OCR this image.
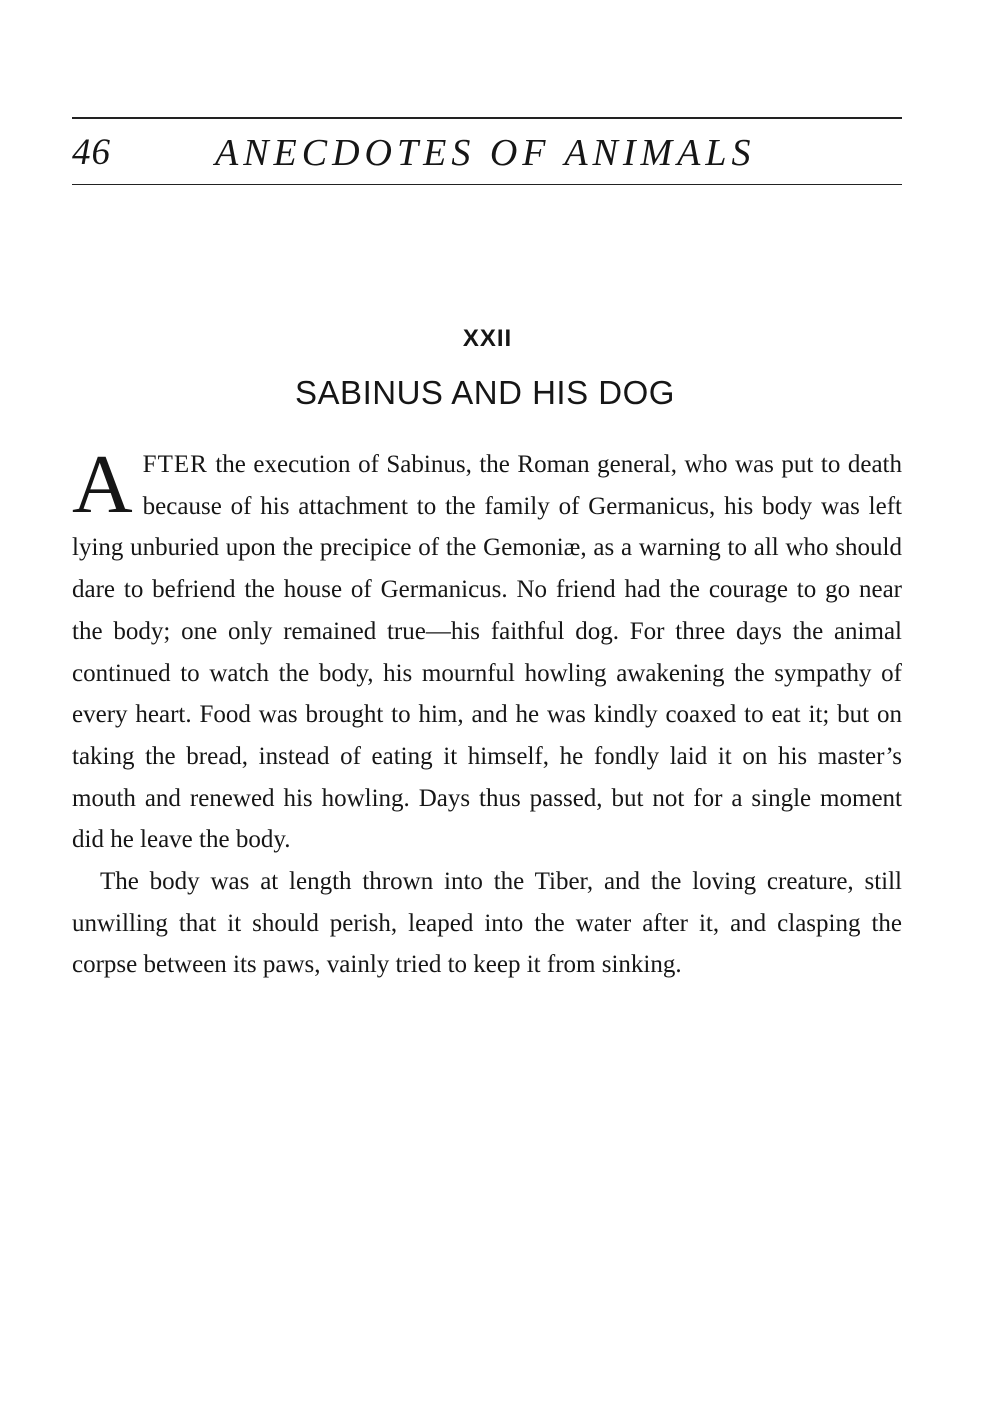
46	ANECDOTES OF ANIMALS
XXII
SABINUS AND HIS DOG

AFTER the execution of Sabinus, the Roman general, who was put to death because of his attachment to the family of Germanicus, his body was left lying unburied upon the precipice of the Gemoniæ, as a warning to all who should dare to befriend the house of Germanicus. No friend had the courage to go near the body; one only remained true—his faithful dog. For three days the animal continued to watch the body, his mournful howling awakening the sympathy of every heart. Food was brought to him, and he was kindly coaxed to eat it; but on taking the bread, instead of eating it himself, he fondly laid it on his master’s mouth and renewed his howling. Days thus passed, but not for a single moment did he leave the body.

The body was at length thrown into the Tiber, and the loving creature, still unwilling that it should perish, leaped into the water after it, and clasping the corpse between its paws, vainly tried to keep it from sinking.
